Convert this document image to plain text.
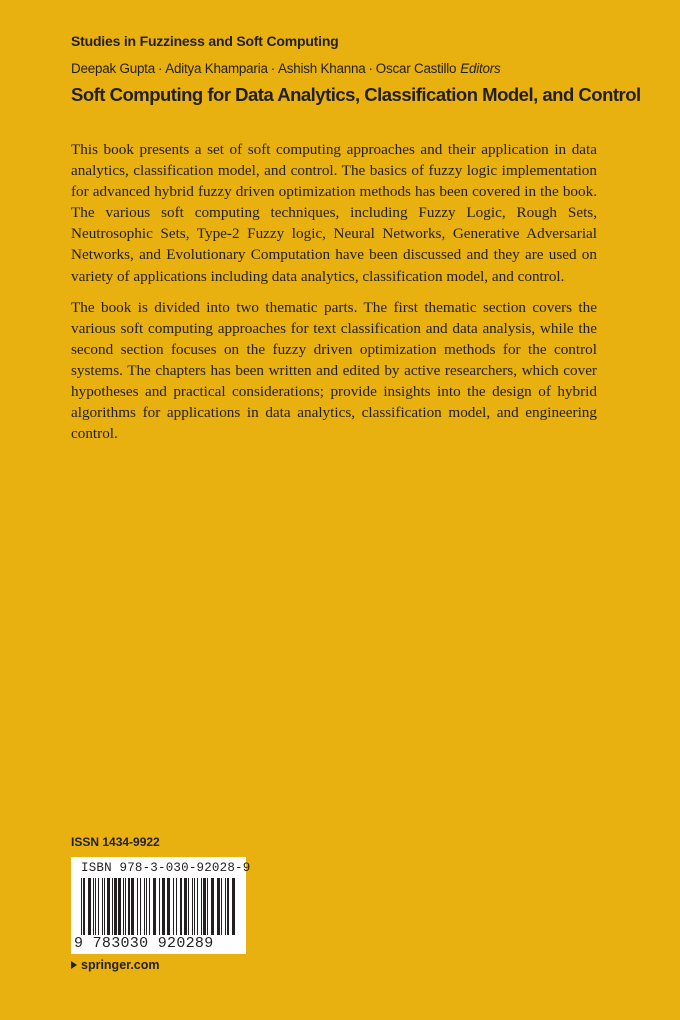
Studies in Fuzziness and Soft Computing
Deepak Gupta · Aditya Khamparia · Ashish Khanna · Oscar Castillo Editors
Soft Computing for Data Analytics, Classification Model, and Control

This book presents a set of soft computing approaches and their application in data analytics, classification model, and control. The basics of fuzzy logic implementation for advanced hybrid fuzzy driven optimization methods has been covered in the book. The various soft computing techniques, including Fuzzy Logic, Rough Sets, Neutrosophic Sets, Type-2 Fuzzy logic, Neural Networks, Generative Adversarial Networks, and Evolutionary Computation have been discussed and they are used on variety of applications including data analytics, classification model, and control.

The book is divided into two thematic parts. The first thematic section covers the various soft computing approaches for text classification and data analysis, while the second section focuses on the fuzzy driven optimization methods for the control systems. The chapters has been written and edited by active researchers, which cover hypotheses and practical considerations; provide insights into the design of hybrid algorithms for applications in data analytics, classification model, and engineering control.

ISSN 1434-9922
ISBN 978-3-030-92028-9
9 783030 920289
springer.com
